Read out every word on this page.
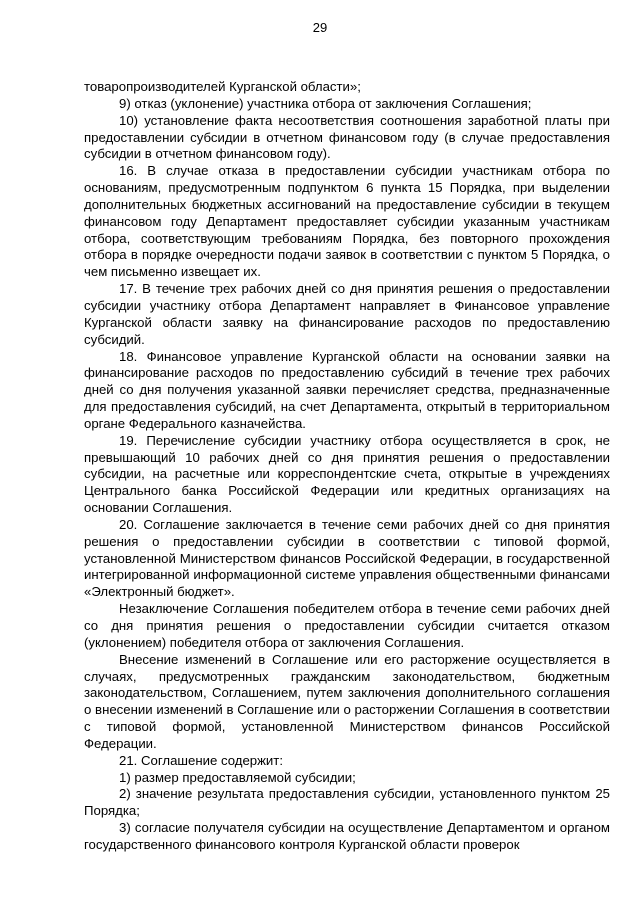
29

товаропроизводителей Курганской области»;

9) отказ (уклонение) участника отбора от заключения Соглашения;

10) установление факта несоответствия соотношения заработной платы при предоставлении субсидии в отчетном финансовом году (в случае предоставления субсидии в отчетном финансовом году).

16. В случае отказа в предоставлении субсидии участникам отбора по основаниям, предусмотренным подпунктом 6 пункта 15 Порядка, при выделении дополнительных бюджетных ассигнований на предоставление субсидии в текущем финансовом году Департамент предоставляет субсидии указанным участникам отбора, соответствующим требованиям Порядка, без повторного прохождения отбора в порядке очередности подачи заявок в соответствии с пунктом 5 Порядка, о чем письменно извещает их.

17. В течение трех рабочих дней со дня принятия решения о предоставлении субсидии участнику отбора Департамент направляет в Финансовое управление Курганской области заявку на финансирование расходов по предоставлению субсидий.

18. Финансовое управление Курганской области на основании заявки на финансирование расходов по предоставлению субсидий в течение трех рабочих дней со дня получения указанной заявки перечисляет средства, предназначенные для предоставления субсидий, на счет Департамента, открытый в территориальном органе Федерального казначейства.

19. Перечисление субсидии участнику отбора осуществляется в срок, не превышающий 10 рабочих дней со дня принятия решения о предоставлении субсидии, на расчетные или корреспондентские счета, открытые в учреждениях Центрального банка Российской Федерации или кредитных организациях на основании Соглашения.

20. Соглашение заключается в течение семи рабочих дней со дня принятия решения о предоставлении субсидии в соответствии с типовой формой, установленной Министерством финансов Российской Федерации, в государственной интегрированной информационной системе управления общественными финансами «Электронный бюджет».

Незаключение Соглашения победителем отбора в течение семи рабочих дней со дня принятия решения о предоставлении субсидии считается отказом (уклонением) победителя отбора от заключения Соглашения.

Внесение изменений в Соглашение или его расторжение осуществляется в случаях, предусмотренных гражданским законодательством, бюджетным законодательством, Соглашением, путем заключения дополнительного соглашения о внесении изменений в Соглашение или о расторжении Соглашения в соответствии с типовой формой, установленной Министерством финансов Российской Федерации.

21. Соглашение содержит:

1) размер предоставляемой субсидии;

2) значение результата предоставления субсидии, установленного пунктом 25 Порядка;

3) согласие получателя субсидии на осуществление Департаментом и органом государственного финансового контроля Курганской области проверок
